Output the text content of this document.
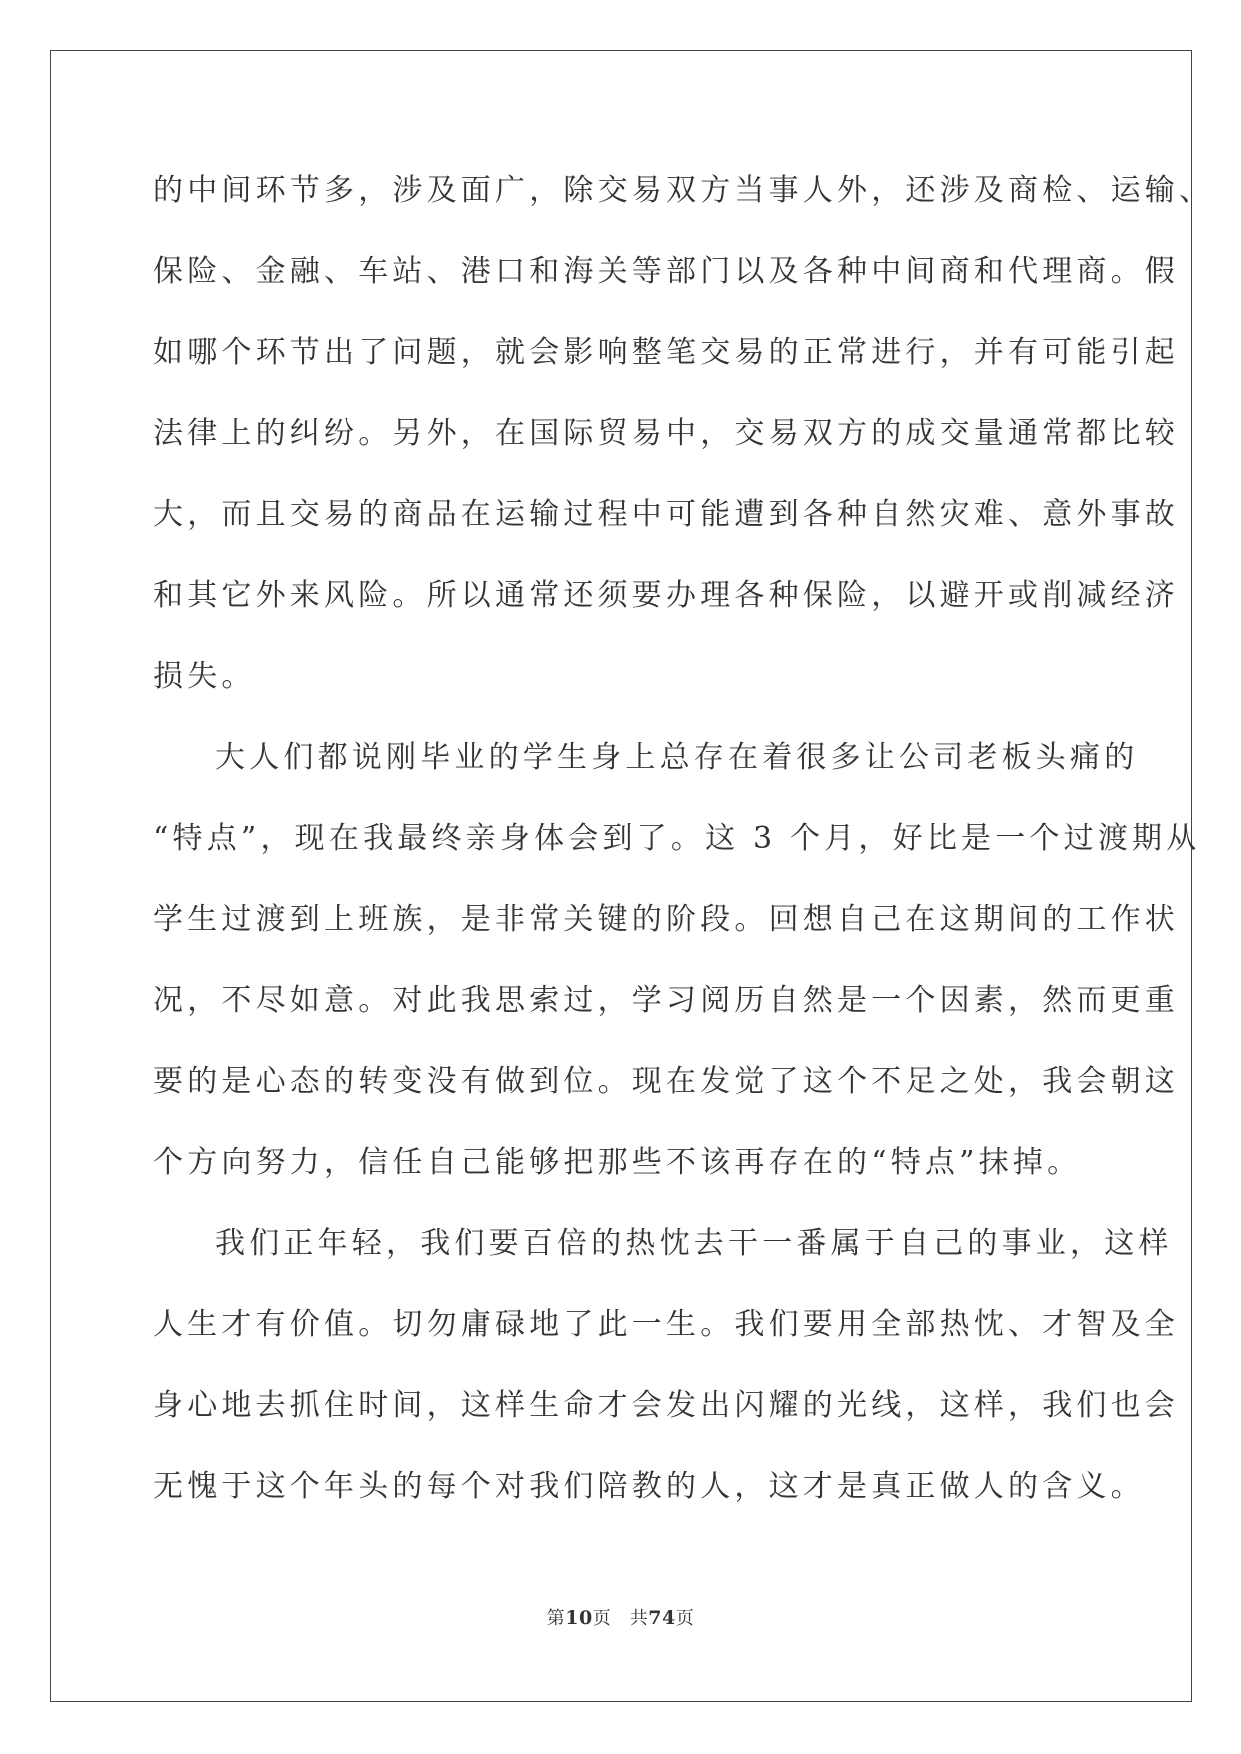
的中间环节多，涉及面广，除交易双方当事人外，还涉及商检、运输、
保险、金融、车站、港口和海关等部门以及各种中间商和代理商。假
如哪个环节出了问题，就会影响整笔交易的正常进行，并有可能引起
法律上的纠纷。另外，在国际贸易中，交易双方的成交量通常都比较
大，而且交易的商品在运输过程中可能遭到各种自然灾难、意外事故
和其它外来风险。所以通常还须要办理各种保险，以避开或削减经济
损失。

大人们都说刚毕业的学生身上总存在着很多让公司老板头痛的
“特点”，现在我最终亲身体会到了。这 3 个月，好比是一个过渡期从
学生过渡到上班族，是非常关键的阶段。回想自己在这期间的工作状
况，不尽如意。对此我思索过，学习阅历自然是一个因素，然而更重
要的是心态的转变没有做到位。现在发觉了这个不足之处，我会朝这
个方向努力，信任自己能够把那些不该再存在的“特点”抹掉。

我们正年轻，我们要百倍的热忱去干一番属于自己的事业，这样
人生才有价值。切勿庸碌地了此一生。我们要用全部热忱、才智及全
身心地去抓住时间，这样生命才会发出闪耀的光线，这样，我们也会
无愧于这个年头的每个对我们陪教的人，这才是真正做人的含义。

第10页　共74页
